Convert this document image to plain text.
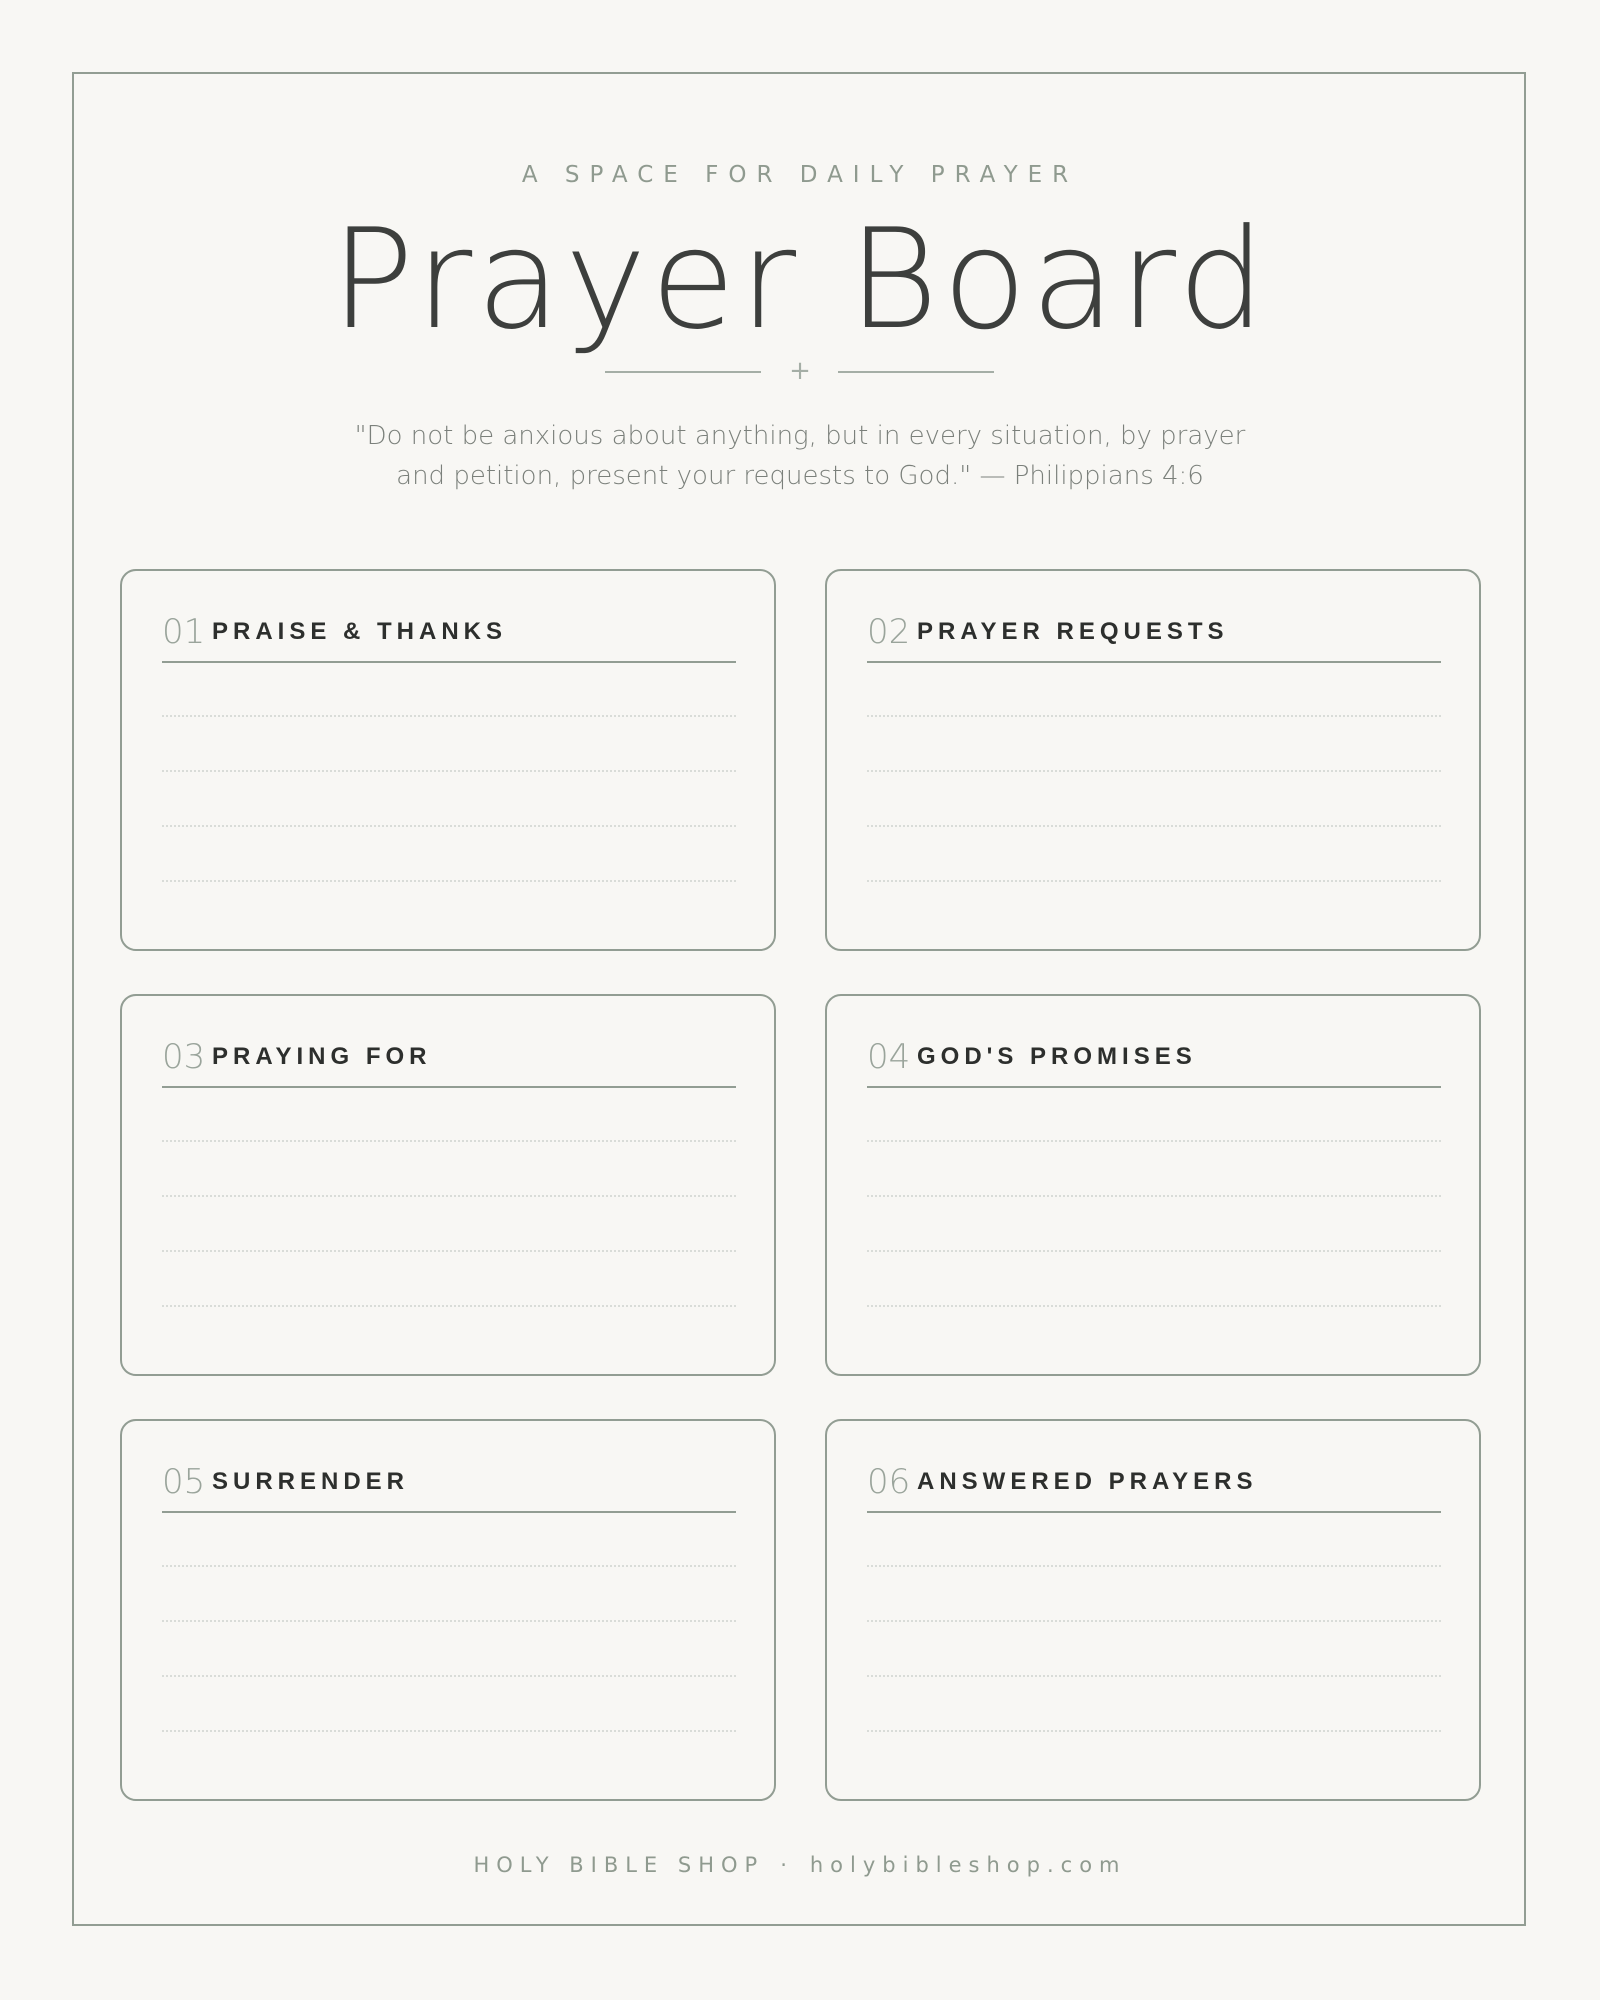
A SPACE FOR DAILY PRAYER
Prayer Board
+
"Do not be anxious about anything, but in every situation, by prayer
and petition, present your requests to God." — Philippians 4:6
01 PRAISE & THANKS	02 PRAYER REQUESTS
03 PRAYING FOR	04 GOD'S PROMISES
05 SURRENDER	06 ANSWERED PRAYERS
HOLY BIBLE SHOP · holybibleshop.com
